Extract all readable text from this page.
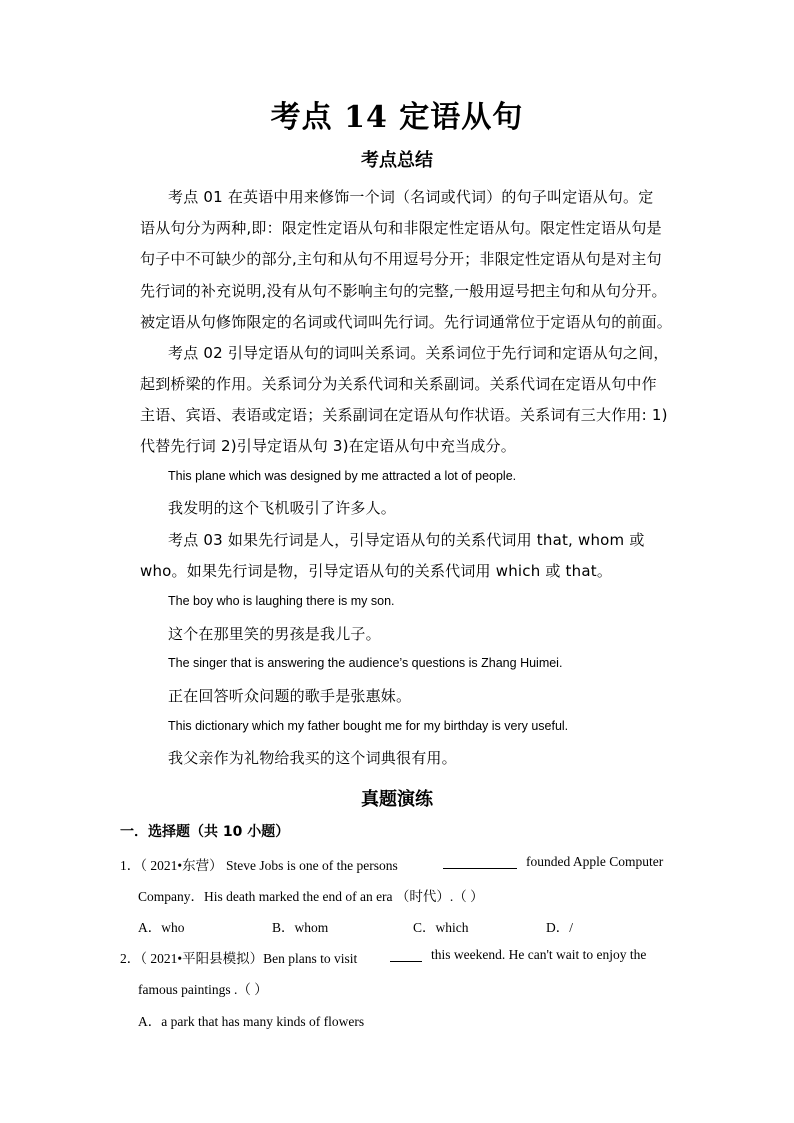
考点 14 定语从句
考点总结
考点 01 在英语中用来修饰一个词（名词或代词）的句子叫定语从句。定
语从句分为两种,即：限定性定语从句和非限定性定语从句。限定性定语从句是
句子中不可缺少的部分,主句和从句不用逗号分开；非限定性定语从句是对主句
先行词的补充说明,没有从句不影响主句的完整,一般用逗号把主句和从句分开。
被定语从句修饰限定的名词或代词叫先行词。先行词通常位于定语从句的前面。
考点 02 引导定语从句的词叫关系词。关系词位于先行词和定语从句之间，
起到桥梁的作用。关系词分为关系代词和关系副词。关系代词在定语从句中作
主语、宾语、表语或定语；关系副词在定语从句作状语。关系词有三大作用: 1)
代替先行词 2)引导定语从句 3)在定语从句中充当成分。
This plane which was designed by me attracted a lot of people.
我发明的这个飞机吸引了许多人。
考点 03 如果先行词是人，引导定语从句的关系代词用 that, whom 或
who。如果先行词是物，引导定语从句的关系代词用 which 或 that。
The boy who is laughing there is my son.
这个在那里笑的男孩是我儿子。
The singer that is answering the audience’s questions is Zhang Huimei.
正在回答听众问题的歌手是张惠妹。
This dictionary which my father bought me for my birthday is very useful.
我父亲作为礼物给我买的这个词典很有用。
真题演练
一．选择题（共 10 小题）
1．（ 2021•东营） Steve Jobs is one of the persons	founded Apple Computer
Company．His death marked the end of an era （时代）.（ ）
A．who	B．whom	C．which	D．/
2．（ 2021•平阳县模拟）Ben plans to visit	this weekend. He can't wait to enjoy the
famous paintings .（ ）
A．a park that has many kinds of flowers
